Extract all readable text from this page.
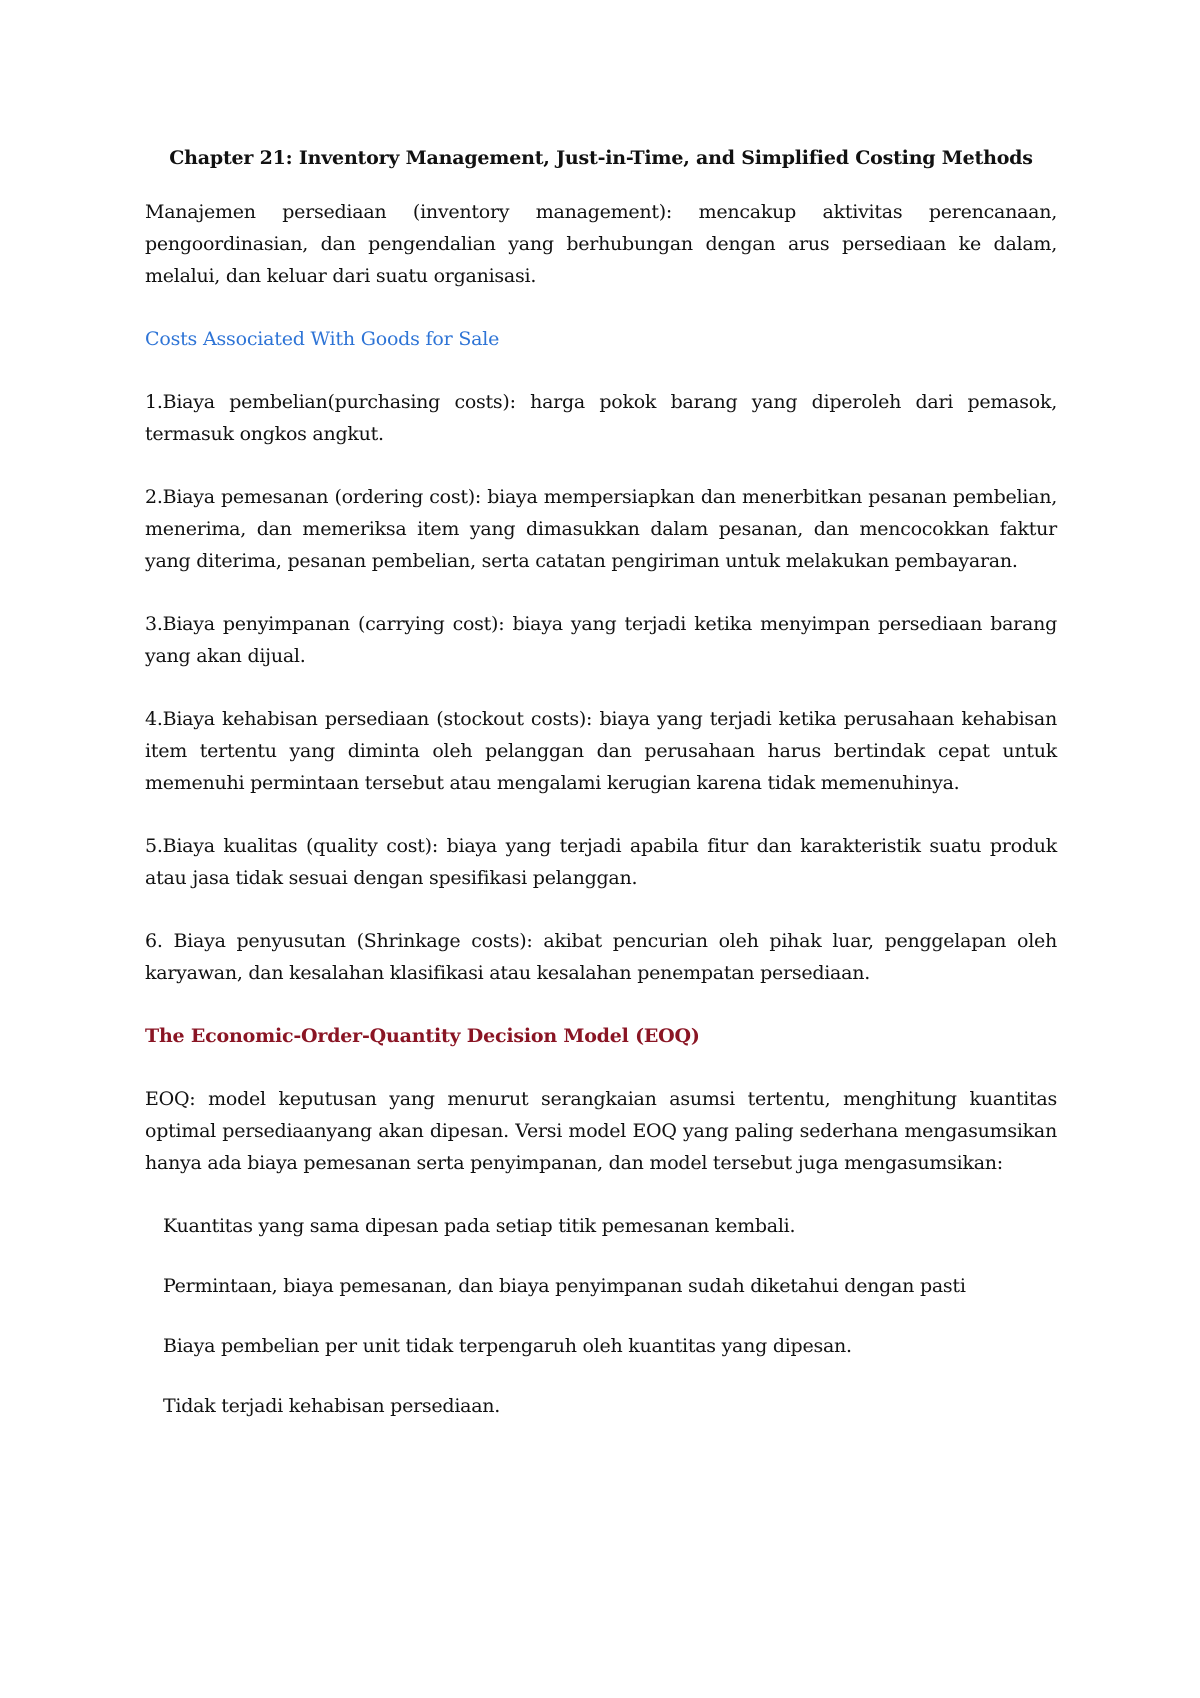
Chapter 21: Inventory Management, Just-in-Time, and Simplified Costing Methods

Manajemen persediaan (inventory management): mencakup aktivitas perencanaan, pengoordinasian, dan pengendalian yang berhubungan dengan arus persediaan ke dalam, melalui, dan keluar dari suatu organisasi.

Costs Associated With Goods for Sale

1.Biaya pembelian(purchasing costs): harga pokok barang yang diperoleh dari pemasok, termasuk ongkos angkut.

2.Biaya pemesanan (ordering cost): biaya mempersiapkan dan menerbitkan pesanan pembelian, menerima, dan memeriksa item yang dimasukkan dalam pesanan, dan mencocokkan faktur yang diterima, pesanan pembelian, serta catatan pengiriman untuk melakukan pembayaran.

3.Biaya penyimpanan (carrying cost): biaya yang terjadi ketika menyimpan persediaan barang yang akan dijual.

4.Biaya kehabisan persediaan (stockout costs): biaya yang terjadi ketika perusahaan kehabisan item tertentu yang diminta oleh pelanggan dan perusahaan harus bertindak cepat untuk memenuhi permintaan tersebut atau mengalami kerugian karena tidak memenuhinya.

5.Biaya kualitas (quality cost): biaya yang terjadi apabila fitur dan karakteristik suatu produk atau jasa tidak sesuai dengan spesifikasi pelanggan.

6. Biaya penyusutan (Shrinkage costs): akibat pencurian oleh pihak luar, penggelapan oleh karyawan, dan kesalahan klasifikasi atau kesalahan penempatan persediaan.

The Economic-Order-Quantity Decision Model (EOQ)

EOQ: model keputusan yang menurut serangkaian asumsi tertentu, menghitung kuantitas optimal persediaanyang akan dipesan. Versi model EOQ yang paling sederhana mengasumsikan hanya ada biaya pemesanan serta penyimpanan, dan model tersebut juga mengasumsikan:

Kuantitas yang sama dipesan pada setiap titik pemesanan kembali.
Permintaan, biaya pemesanan, dan biaya penyimpanan sudah diketahui dengan pasti
Biaya pembelian per unit tidak terpengaruh oleh kuantitas yang dipesan.
Tidak terjadi kehabisan persediaan.
